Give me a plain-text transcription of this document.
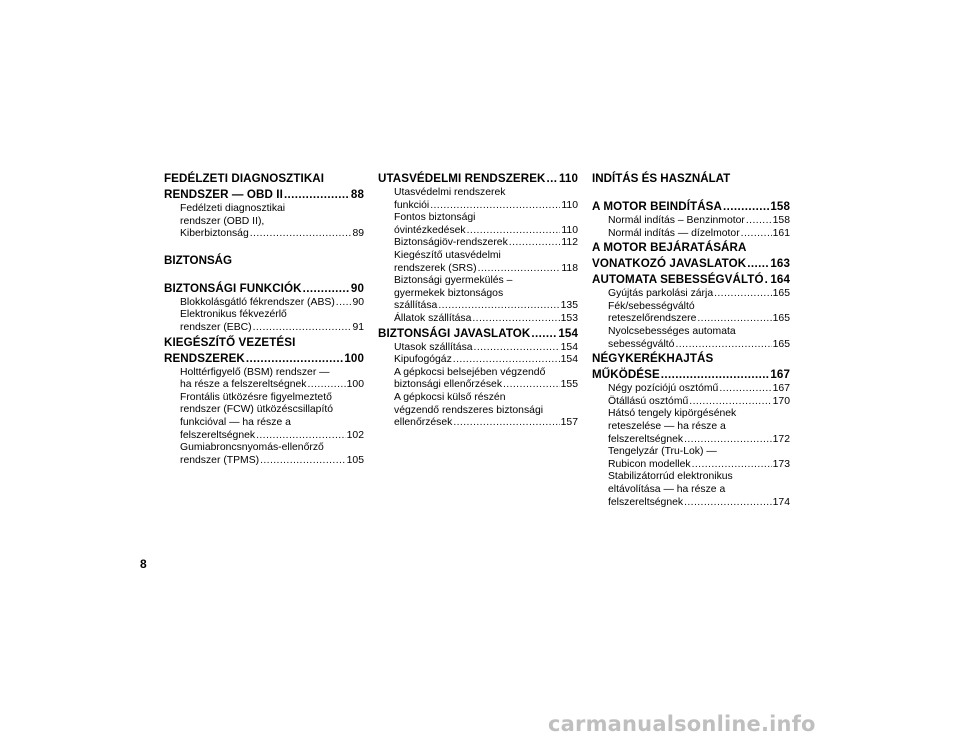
FEDÉLZETI DIAGNOSZTIKAI
RENDSZER — OBD II .....	88
Fedélzeti diagnosztikai
rendszer (OBD II),
Kiberbiztonság .....	89
BIZTONSÁG
BIZTONSÁGI FUNKCIÓK .....	90
Blokkolásgátló fékrendszer (ABS) ..... 90
Elektronikus fékvezérlő
rendszer (EBC) .....	91
KIEGÉSZÍTŐ VEZETÉSI
RENDSZEREK .....	100
Holttérfigyelő (BSM) rendszer —
ha része a felszereltségnek .....	100
Frontális ütközésre figyelmeztető
rendszer (FCW) ütközéscsillapító
funkcióval — ha része a
felszereltségnek .....	102
Gumiabroncsnyomás-ellenőrző
rendszer (TPMS) .....	105
UTASVÉDELMI RENDSZEREK ..... 110
Utasvédelmi rendszerek
funkciói .....	110
Fontos biztonsági
óvintézkedések .....	110
Biztonságiöv-rendszerek .....	112
Kiegészítő utasvédelmi
rendszerek (SRS) .....	118
Biztonsági gyermekülés –
gyermekek biztonságos
szállítása .....	135
Állatok szállítása .....	153
BIZTONSÁGI JAVASLATOK ..... 154
Utasok szállítása .....	154
Kipufogógáz .....	154
A gépkocsi belsejében végzendő
biztonsági ellenőrzések .....	155
A gépkocsi külső részén
végzendő rendszeres biztonsági
ellenőrzések .....	157
INDÍTÁS ÉS HASZNÁLAT
A MOTOR BEINDÍTÁSA .....	158
Normál indítás – Benzinmotor .....	158
Normál indítás — dízelmotor .....	161
A MOTOR BEJÁRATÁSÁRA
VONATKOZÓ JAVASLATOK ..... 163
AUTOMATA SEBESSÉGVÁLTÓ ..... 164
Gyújtás parkolási zárja .....	165
Fék/sebességváltó
reteszelőrendszere .....	165
Nyolcsebességes automata
sebességváltó .....	165
NÉGYKERÉKHAJTÁS
MŰKÖDÉSE .....	167
Négy pozíciójú osztómű .....	167
Ötállású osztómű .....	170
Hátsó tengely kipörgésének
reteszelése — ha része a
felszereltségnek .....	172
Tengelyzár (Tru-Lok) —
Rubicon modellek .....	173
Stabilizátorrúd elektronikus
eltávolítása — ha része a
felszereltségnek .....	174
8
carmanualsonline.info
